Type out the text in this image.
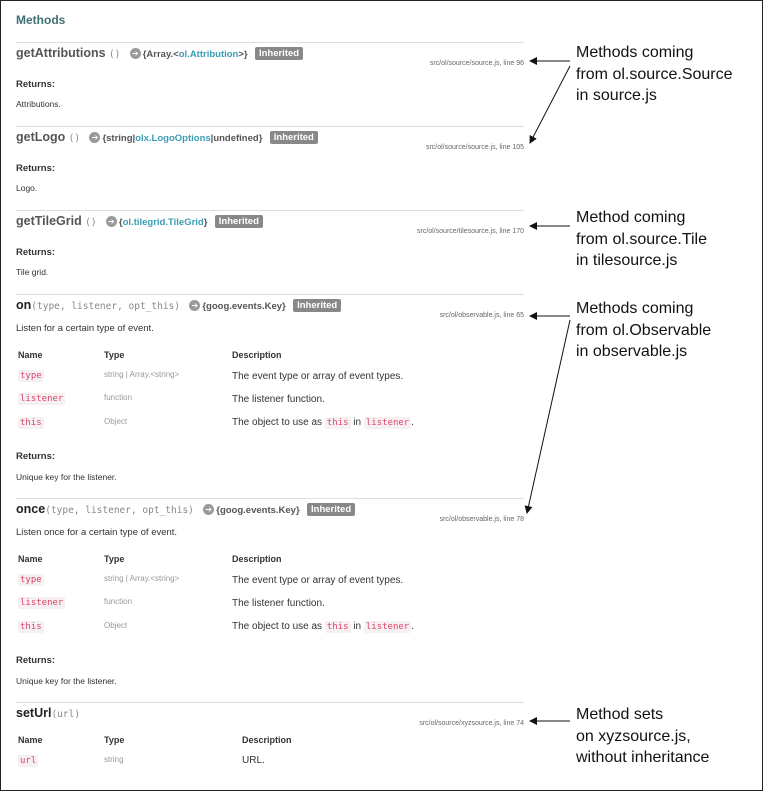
Methods
getAttributions () ➔ {Array.<ol.Attribution>} Inherited
src/ol/source/source.js, line 96
Returns:
Attributions.
getLogo () ➔ {string|olx.LogoOptions|undefined} Inherited
src/ol/source/source.js, line 105
Returns:
Logo.
getTileGrid () ➔ {ol.tilegrid.TileGrid} Inherited
src/ol/source/tilesource.js, line 170
Returns:
Tile grid.
on(type, listener, opt_this) ➔ {goog.events.Key} Inherited
src/ol/observable.js, line 65
Listen for a certain type of event.
Name	Type	Description
type	string | Array.<string>	The event type or array of event types.
listener	function	The listener function.
this	Object	The object to use as this in listener .
Returns:
Unique key for the listener.
once(type, listener, opt_this) ➔ {goog.events.Key} Inherited
src/ol/observable.js, line 78
Listen once for a certain type of event.
Name	Type	Description
type	string | Array.<string>	The event type or array of event types.
listener	function	The listener function.
this	Object	The object to use as this in listener .
Returns:
Unique key for the listener.
setUrl(url)
src/ol/source/xyzsource.js, line 74
Name	Type	Description
url	string	URL.
Methods coming
from ol.source.Source
in source.js
Method coming
from ol.source.Tile
in tilesource.js
Methods coming
from ol.Observable
in observable.js
Method sets
on xyzsource.js,
without inheritance
